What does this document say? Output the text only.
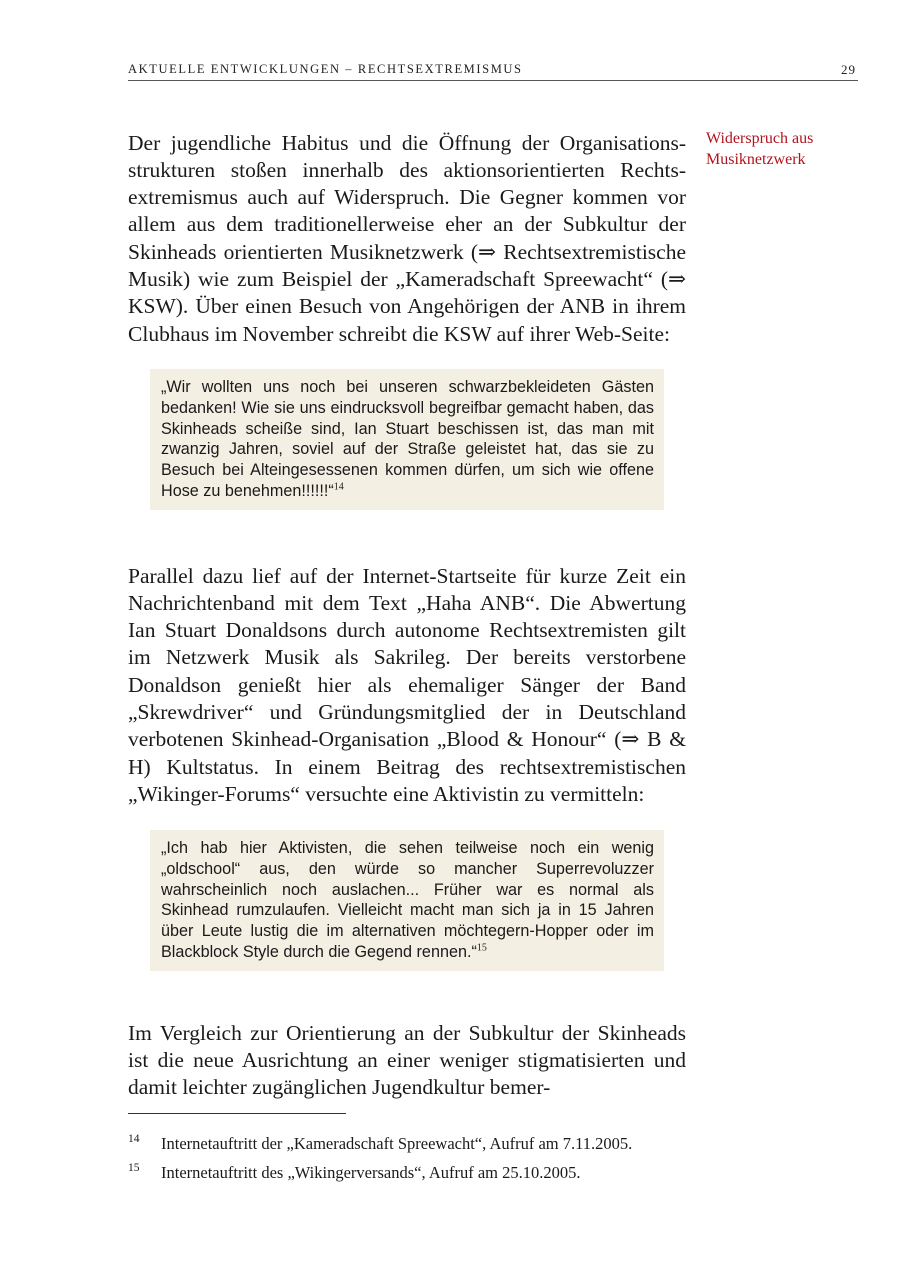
AKTUELLE ENTWICKLUNGEN – RECHTSEXTREMISMUS	29
Widerspruch aus Musiknetzwerk

Der jugendliche Habitus und die Öffnung der Organisationsstrukturen stoßen innerhalb des aktionsorientierten Rechtsextremismus auch auf Widerspruch. Die Gegner kommen vor allem aus dem traditionellerweise eher an der Subkultur der Skinheads orientierten Musiknetzwerk (⇒ Rechtsextremistische Musik) wie zum Beispiel der „Kameradschaft Spreewacht“ (⇒ KSW). Über einen Besuch von Angehörigen der ANB in ihrem Clubhaus im November schreibt die KSW auf ihrer Web-Seite:

„Wir wollten uns noch bei unseren schwarzbekleideten Gästen bedanken! Wie sie uns eindrucksvoll begreifbar gemacht haben, das Skinheads scheiße sind, Ian Stuart beschissen ist, das man mit zwanzig Jahren, soviel auf der Straße geleistet hat, das sie zu Besuch bei Alteingesessenen kommen dürfen, um sich wie offene Hose zu benehmen!!!!!!“$^{14}$

Parallel dazu lief auf der Internet-Startseite für kurze Zeit ein Nachrichtenband mit dem Text „Haha ANB“. Die Abwertung Ian Stuart Donaldsons durch autonome Rechtsextremisten gilt im Netzwerk Musik als Sakrileg. Der bereits verstorbene Donaldson genießt hier als ehemaliger Sänger der Band „Skrewdriver“ und Gründungsmitglied der in Deutschland verbotenen Skinhead-Organisation „Blood & Honour“ (⇒ B & H) Kultstatus. In einem Beitrag des rechtsextremistischen „Wikinger-Forums“ versuchte eine Aktivistin zu vermitteln:

„Ich hab hier Aktivisten, die sehen teilweise noch ein wenig „oldschool“ aus, den würde so mancher Superrevoluzzer wahrscheinlich noch auslachen... Früher war es normal als Skinhead rumzulaufen. Vielleicht macht man sich ja in 15 Jahren über Leute lustig die im alternativen möchtegern-Hopper oder im Blackblock Style durch die Gegend rennen.“$^{15}$

Im Vergleich zur Orientierung an der Subkultur der Skinheads ist die neue Ausrichtung an einer weniger stigmatisierten und damit leichter zugänglichen Jugendkultur bemer-

14 Internetauftritt der „Kameradschaft Spreewacht“, Aufruf am 7.11.2005.
15 Internetauftritt des „Wikingerversands“, Aufruf am 25.10.2005.
